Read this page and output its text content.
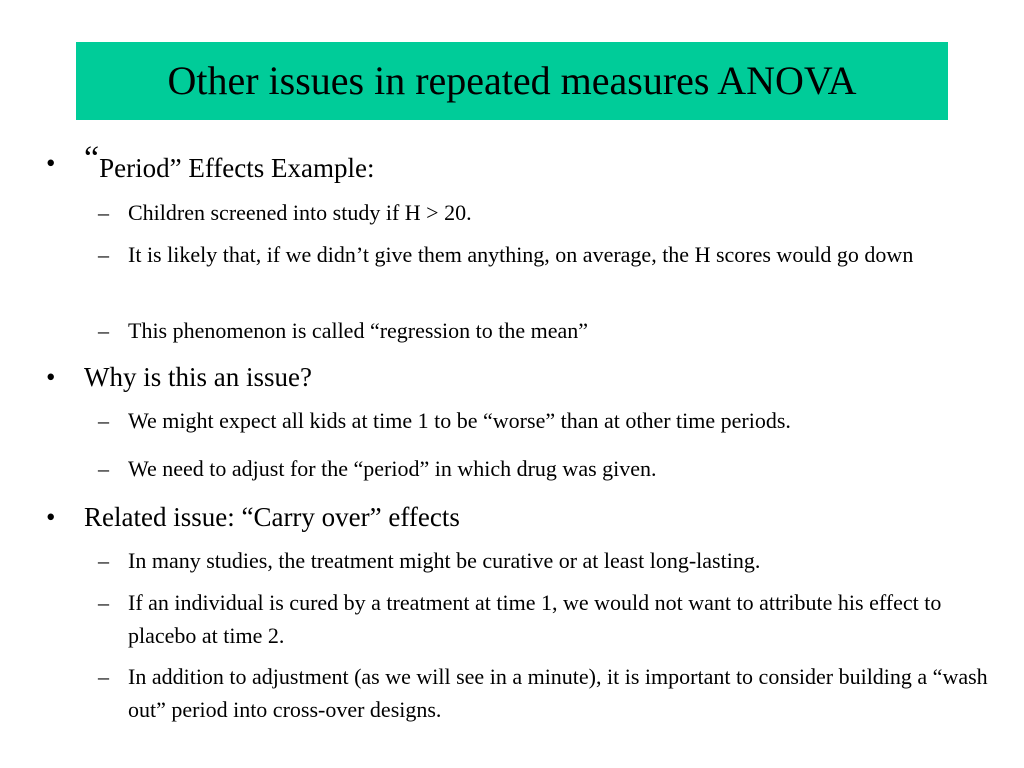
Other issues in repeated measures ANOVA
• “Period” Effects Example:
– Children screened into study if H > 20.
– It is likely that, if we didn’t give them anything, on average, the H scores would go down
– This phenomenon is called “regression to the mean”
• Why is this an issue?
– We might expect all kids at time 1 to be “worse” than at other time periods.
– We need to adjust for the “period” in which drug was given.
• Related issue: “Carry over” effects
– In many studies, the treatment might be curative or at least long-lasting.
– If an individual is cured by a treatment at time 1, we would not want to attribute his effect to placebo at time 2.
– In addition to adjustment (as we will see in a minute), it is important to consider building a “wash out” period into cross-over designs.
